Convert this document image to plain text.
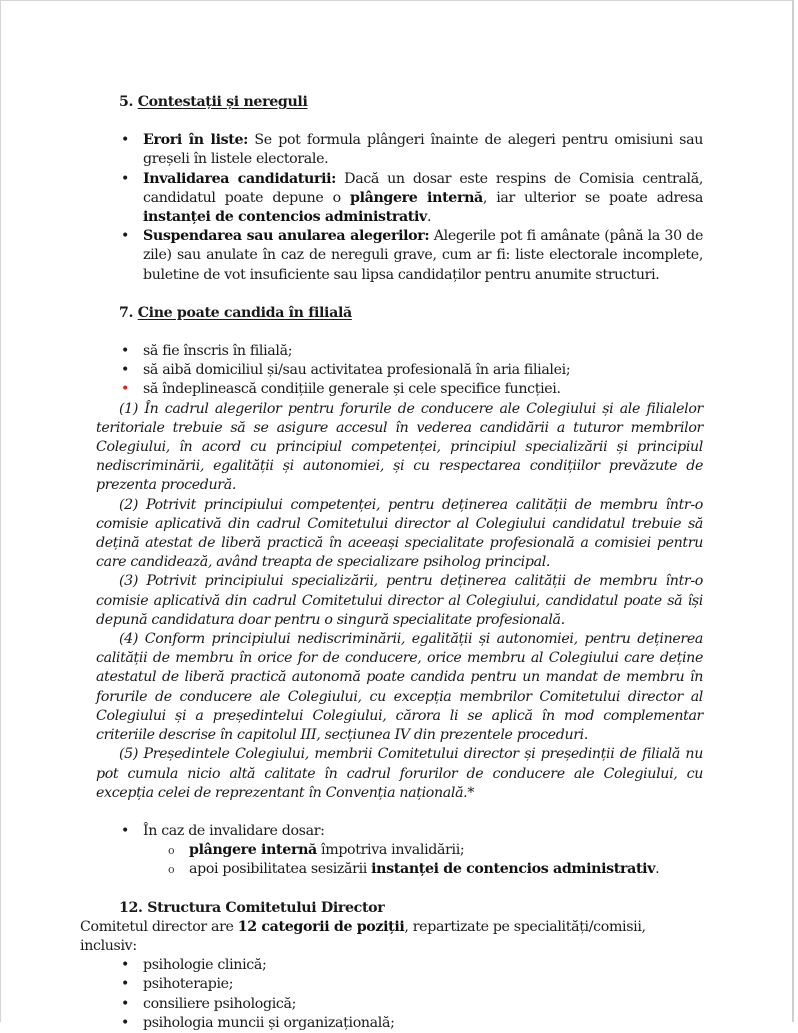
5. Contestații și nereguli

• Erori în liste: Se pot formula plângeri înainte de alegeri pentru omisiuni sau greșeli în listele electorale.
• Invalidarea candidaturii: Dacă un dosar este respins de Comisia centrală, candidatul poate depune o plângere internă, iar ulterior se poate adresa instanței de contencios administrativ.
• Suspendarea sau anularea alegerilor: Alegerile pot fi amânate (până la 30 de zile) sau anulate în caz de nereguli grave, cum ar fi: liste electorale incomplete, buletine de vot insuficiente sau lipsa candidaților pentru anumite structuri.

7. Cine poate candida în filială

• să fie înscris în filială;
• să aibă domiciliul și/sau activitatea profesională în aria filialei;
• să îndeplinească condițiile generale și cele specifice funcției.

(1) În cadrul alegerilor pentru forurile de conducere ale Colegiului și ale filialelor teritoriale trebuie să se asigure accesul în vederea candidării a tuturor membrilor Colegiului, în acord cu principiul competenței, principiul specializării și principiul nediscriminării, egalității și autonomiei, și cu respectarea condițiilor prevăzute de prezenta procedură.

(2) Potrivit principiului competenței, pentru deținerea calității de membru într-o comisie aplicativă din cadrul Comitetului director al Colegiului candidatul trebuie să dețină atestat de liberă practică în aceeași specialitate profesională a comisiei pentru care candidează, având treapta de specializare psiholog principal.

(3) Potrivit principiului specializării, pentru deținerea calității de membru într-o comisie aplicativă din cadrul Comitetului director al Colegiului, candidatul poate să își depună candidatura doar pentru o singură specialitate profesională.

(4) Conform principiului nediscriminării, egalității și autonomiei, pentru deținerea calității de membru în orice for de conducere, orice membru al Colegiului care deține atestatul de liberă practică autonomă poate candida pentru un mandat de membru în forurile de conducere ale Colegiului, cu excepția membrilor Comitetului director al Colegiului și a președintelui Colegiului, cărora li se aplică în mod complementar criteriile descrise în capitolul III, secțiunea IV din prezentele proceduri.

(5) Președintele Colegiului, membrii Comitetului director și președinții de filială nu pot cumula nicio altă calitate în cadrul forurilor de conducere ale Colegiului, cu excepția celei de reprezentant în Convenția națională.*

• În caz de invalidare dosar:
o plângere internă împotriva invalidării;
o apoi posibilitatea sesizării instanței de contencios administrativ.

12. Structura Comitetului Director

Comitetul director are 12 categorii de poziții, repartizate pe specialități/comisii, inclusiv:

• psihologie clinică;
• psihoterapie;
• consiliere psihologică;
• psihologia muncii și organizațională;
